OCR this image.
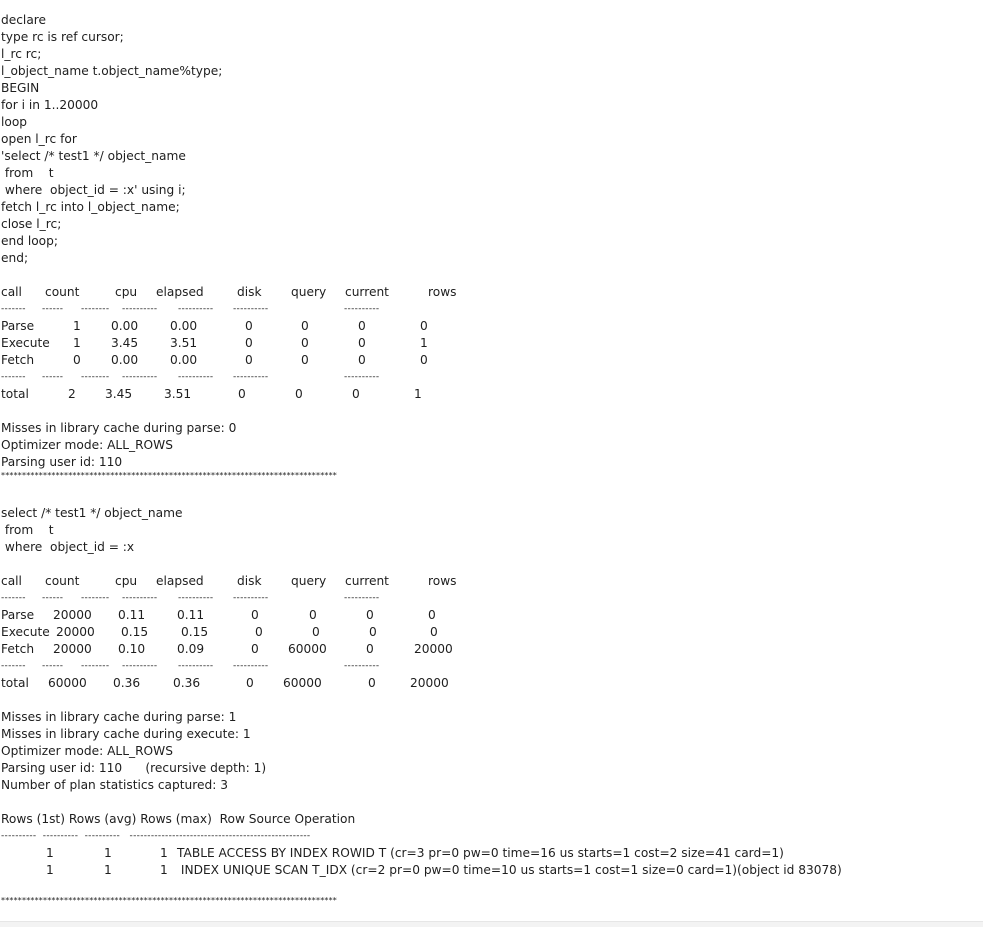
declare
type rc is ref cursor;
l_rc rc;
l_object_name t.object_name%type;
BEGIN
for i in 1..20000
loop
open l_rc for
'select /* test1 */ object_name
from    t
where  object_id = :x' using i;
fetch l_rc into l_object_name;
close l_rc;
end loop;
end;
call count	cpu elapsed	disk query current	rows
------- ------ -------- ---------- ---------- ----------	----------
Parse	1 0.00	0.00	0	0	0	0
Execute 1 3.45	3.51	0	0	0	1
Fetch	0 0.00	0.00	0	0	0	0
------- ------ -------- ---------- ---------- ----------	----------
total	2 3.45	3.51	0	0	0	1
Misses in library cache during parse: 0
Optimizer mode: ALL_ROWS
Parsing user id: 110
********************************************************************************
select /* test1 */ object_name
from    t
where  object_id = :x
call count	cpu elapsed	disk query current	rows
------- ------ -------- ---------- ---------- ----------	----------
Parse 20000 0.11	0.11	0	0	0	0
Execute 20000 0.15	0.15	0	0	0	0
Fetch 20000 0.10	0.09	0 60000	0	20000
------- ------ -------- ---------- ---------- ----------	----------
total 60000 0.36	0.36	0 60000	0	20000
Misses in library cache during parse: 1
Misses in library cache during execute: 1
Optimizer mode: ALL_ROWS
Parsing user id: 110      (recursive depth: 1)
Number of plan statistics captured: 3
Rows (1st) Rows (avg) Rows (max)  Row Source Operation
----------  ----------  ----------   ---------------------------------------------------
1	1	1 TABLE ACCESS BY INDEX ROWID T (cr=3 pr=0 pw=0 time=16 us starts=1 cost=2 size=41 card=1)
1	1	1 INDEX UNIQUE SCAN T_IDX (cr=2 pr=0 pw=0 time=10 us starts=1 cost=1 size=0 card=1)(object id 83078)
********************************************************************************
